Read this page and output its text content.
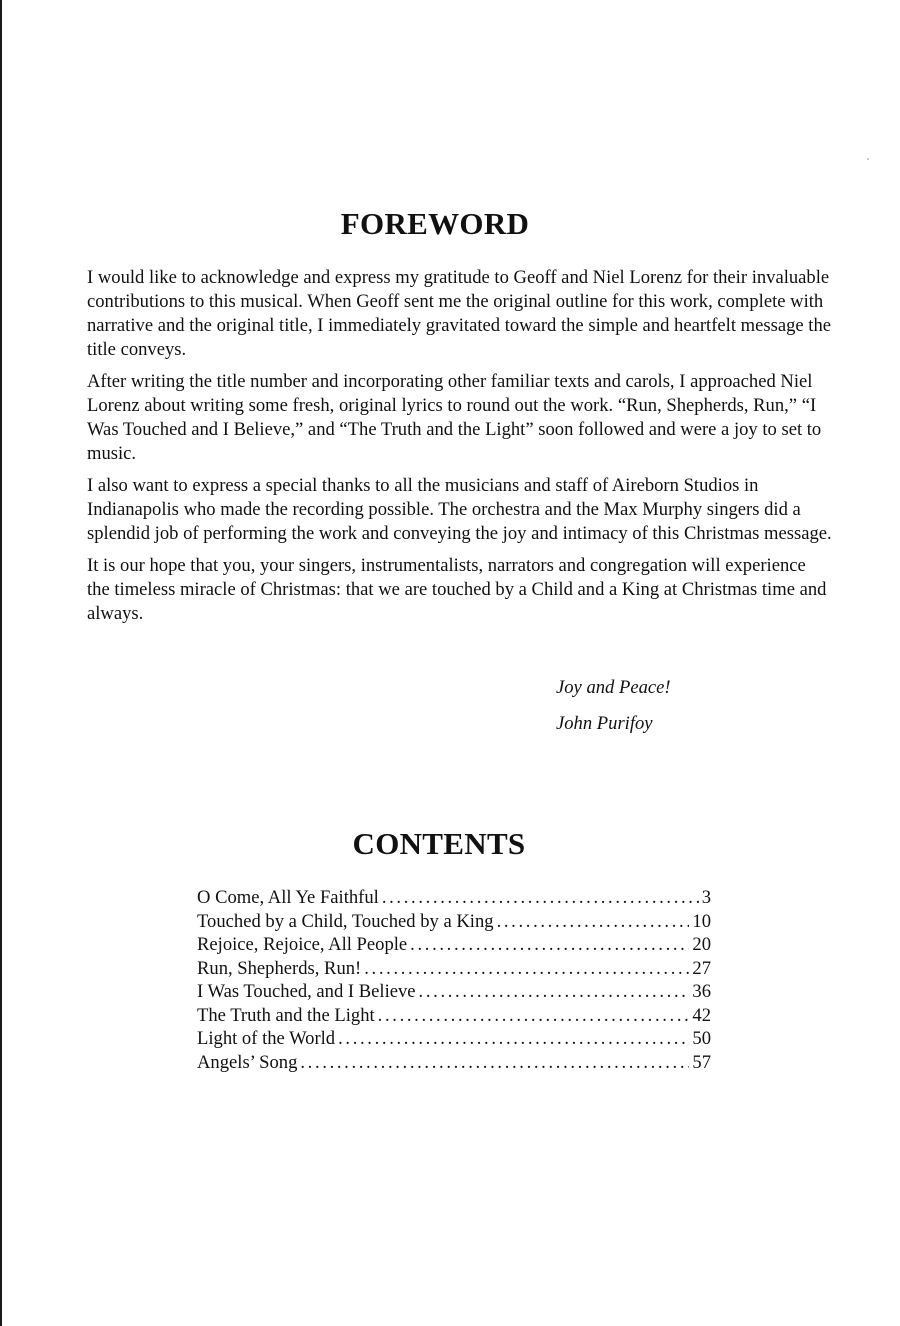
FOREWORD

I would like to acknowledge and express my gratitude to Geoff and Niel Lorenz for their invaluable contributions to this musical. When Geoff sent me the original outline for this work, complete with narrative and the original title, I immediately gravitated toward the simple and heartfelt message the title conveys.

After writing the title number and incorporating other familiar texts and carols, I approached Niel Lorenz about writing some fresh, original lyrics to round out the work. “Run, Shepherds, Run,” “I Was Touched and I Believe,” and “The Truth and the Light” soon followed and were a joy to set to music.

I also want to express a special thanks to all the musicians and staff of Aireborn Studios in Indianapolis who made the recording possible. The orchestra and the Max Murphy singers did a splendid job of performing the work and conveying the joy and intimacy of this Christmas message.

It is our hope that you, your singers, instrumentalists, narrators and congregation will experience the timeless miracle of Christmas: that we are touched by a Child and a King at Christmas time and always.

Joy and Peace!
John Purifoy
CONTENTS
O Come, All Ye Faithful . . .	3
Touched by a Child, Touched by a King . . .	10
Rejoice, Rejoice, All People . . .	20
Run, Shepherds, Run! . . .	27
I Was Touched, and I Believe . . .	36
The Truth and the Light . . .	42
Light of the World . . .	50
Angels’ Song . . .	57
